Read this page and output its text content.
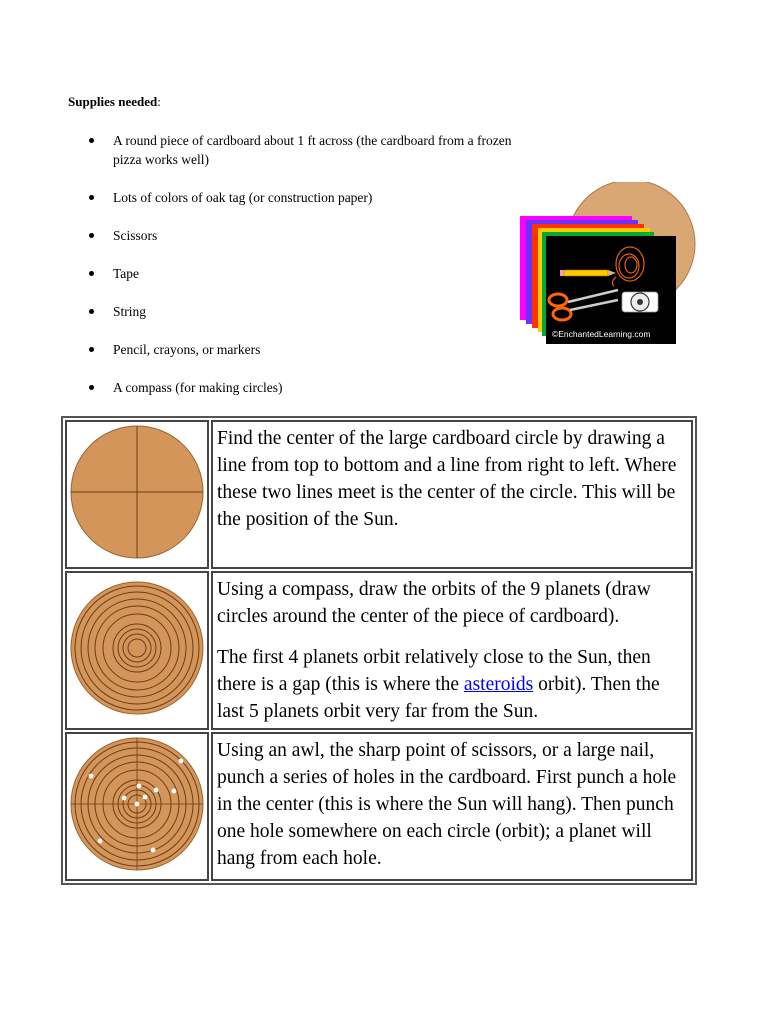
Supplies needed:
A round piece of cardboard about 1 ft across (the cardboard from a frozen pizza works well)
Lots of colors of oak tag (or construction paper)
Scissors
Tape
String
Pencil, crayons, or markers
A compass (for making circles)
©EnchantedLearning.com

Find the center of the large cardboard circle by drawing a line from top to bottom and a line from right to left. Where these two lines meet is the center of the circle. This will be the position of the Sun.

Using a compass, draw the orbits of the 9 planets (draw circles around the center of the piece of cardboard).

The first 4 planets orbit relatively close to the Sun, then there is a gap (this is where the asteroids orbit). Then the last 5 planets orbit very far from the Sun.

Using an awl, the sharp point of scissors, or a large nail, punch a series of holes in the cardboard. First punch a hole in the center (this is where the Sun will hang). Then punch one hole somewhere on each circle (orbit); a planet will hang from each hole.
